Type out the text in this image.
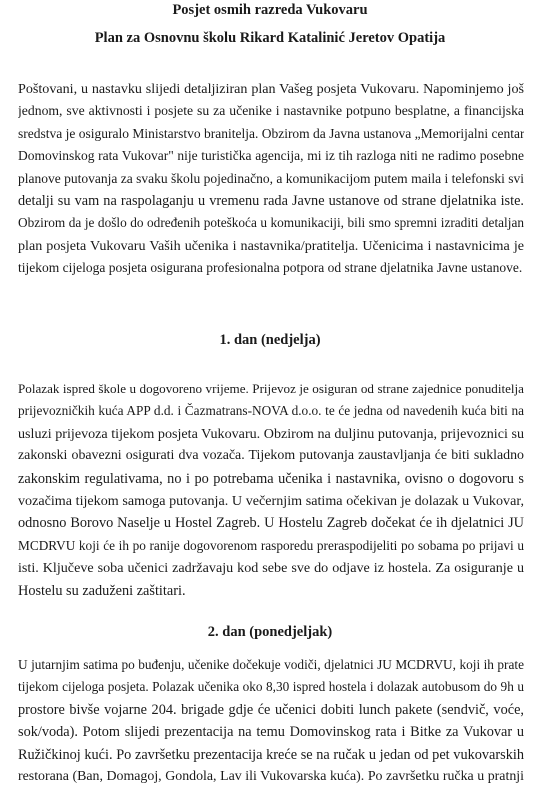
Posjet osmih razreda Vukovaru
Plan za Osnovnu školu Rikard Katalinić Jeretov Opatija
Poštovani, u nastavku slijedi detaljiziran plan Vašeg posjeta Vukovaru. Napominjemo još
jednom, sve aktivnosti i posjete su za učenike i nastavnike potpuno besplatne, a financijska
sredstva je osiguralo Ministarstvo branitelja. Obzirom da Javna ustanova „Memorijalni centar
Domovinskog rata Vukovar" nije turistička agencija, mi iz tih razloga niti ne radimo posebne
planove putovanja za svaku školu pojedinačno, a komunikacijom putem maila i telefonski svi
detalji su vam na raspolaganju u vremenu rada Javne ustanove od strane djelatnika iste.
Obzirom da je došlo do određenih poteškoća u komunikaciji, bili smo spremni izraditi detaljan
plan posjeta Vukovaru Vaših učenika i nastavnika/pratitelja. Učenicima i nastavnicima je
tijekom cijeloga posjeta osigurana profesionalna potpora od strane djelatnika Javne ustanove.
1. dan (nedjelja)
Polazak ispred škole u dogovoreno vrijeme. Prijevoz je osiguran od strane zajednice ponuditelja
prijevozničkih kuća APP d.d. i Čazmatrans-NOVA d.o.o. te će jedna od navedenih kuća biti na
usluzi prijevoza tijekom posjeta Vukovaru. Obzirom na duljinu putovanja, prijevoznici su
zakonski obavezni osigurati dva vozača. Tijekom putovanja zaustavljanja će biti sukladno
zakonskim regulativama, no i po potrebama učenika i nastavnika, ovisno o dogovoru s
vozačima tijekom samoga putovanja. U večernjim satima očekivan je dolazak u Vukovar,
odnosno Borovo Naselje u Hostel Zagreb. U Hostelu Zagreb dočekat će ih djelatnici JU
MCDRVU koji će ih po ranije dogovorenom rasporedu preraspodijeliti po sobama po prijavi u
isti. Ključeve soba učenici zadržavaju kod sebe sve do odjave iz hostela. Za osiguranje u
Hostelu su zaduženi zaštitari.
2. dan (ponedjeljak)
U jutarnjim satima po buđenju, učenike dočekuje vodiči, djelatnici JU MCDRVU, koji ih prate
tijekom cijeloga posjeta. Polazak učenika oko 8,30 ispred hostela i dolazak autobusom do 9h u
prostore bivše vojarne 204. brigade gdje će učenici dobiti lunch pakete (sendvič, voće,
sok/voda). Potom slijedi prezentacija na temu Domovinskog rata i Bitke za Vukovar u
Ružičkinoj kući. Po završetku prezentacija kreće se na ručak u jedan od pet vukovarskih
restorana (Ban, Domagoj, Gondola, Lav ili Vukovarska kuća). Po završetku ručka u pratnji
